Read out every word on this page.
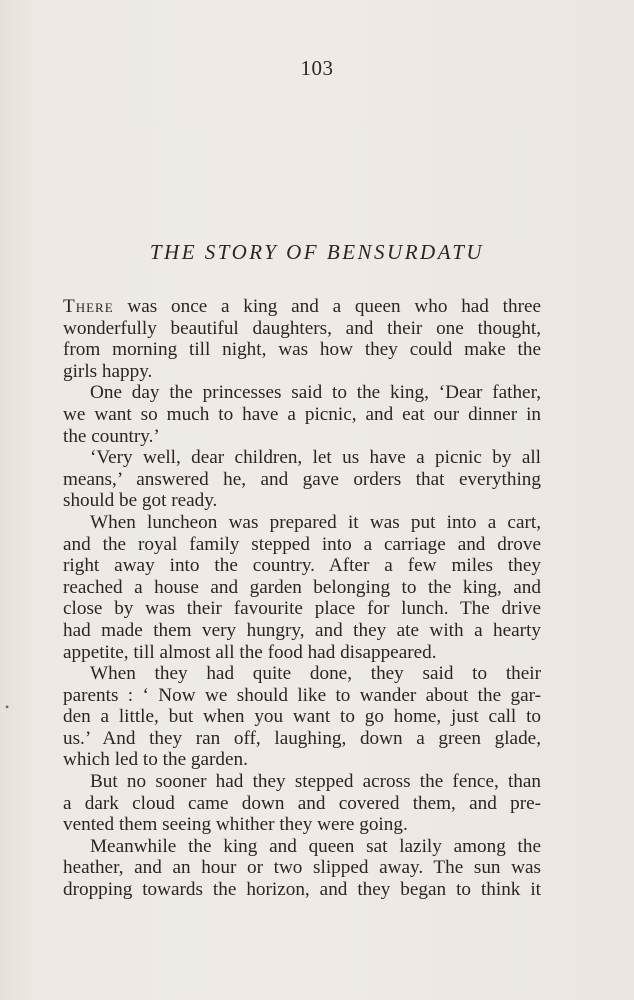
103
THE STORY OF BENSURDATU
•
There was once a king and a queen who had three
wonderfully beautiful daughters, and their one thought,
from morning till night, was how they could make the
girls happy.
One day the princesses said to the king, ‘Dear father,
we want so much to have a picnic, and eat our dinner in
the country.’
‘Very well, dear children, let us have a picnic by all
means,’ answered he, and gave orders that everything
should be got ready.
When luncheon was prepared it was put into a cart,
and the royal family stepped into a carriage and drove
right away into the country. After a few miles they
reached a house and garden belonging to the king, and
close by was their favourite place for lunch. The drive
had made them very hungry, and they ate with a hearty
appetite, till almost all the food had disappeared.
When they had quite done, they said to their
parents : ‘ Now we should like to wander about the gar-
den a little, but when you want to go home, just call to
us.’ And they ran off, laughing, down a green glade,
which led to the garden.
But no sooner had they stepped across the fence, than
a dark cloud came down and covered them, and pre-
vented them seeing whither they were going.
Meanwhile the king and queen sat lazily among the
heather, and an hour or two slipped away. The sun was
dropping towards the horizon, and they began to think it
